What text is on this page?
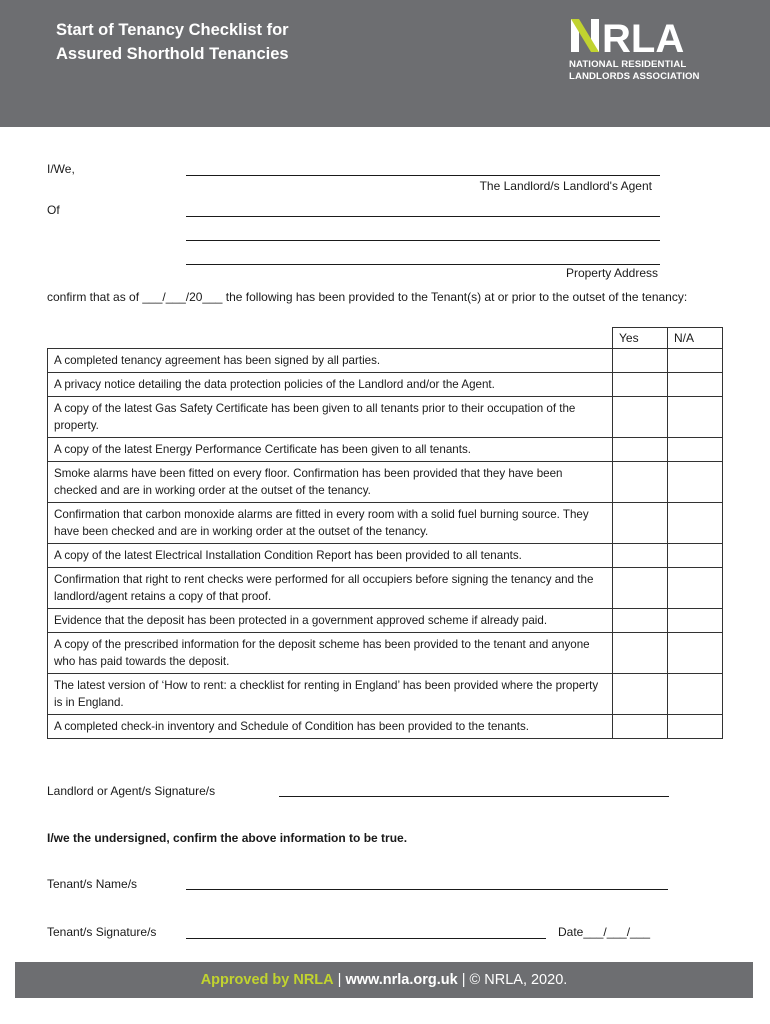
Start of Tenancy Checklist for
Assured Shorthold Tenancies	RLA
NATIONAL RESIDENTIAL
LANDLORDS ASSOCIATION
I/We,
The Landlord/s Landlord's Agent
Of
Property Address
confirm that as of ___/___/20___ the following has been provided to the Tenant(s) at or prior to the outset of the tenancy:
	Yes	N/A
A completed tenancy agreement has been signed by all parties.		
A privacy notice detailing the data protection policies of the Landlord and/or the Agent.		
A copy of the latest Gas Safety Certificate has been given to all tenants prior to their occupation of the property.		
A copy of the latest Energy Performance Certificate has been given to all tenants.		
Smoke alarms have been fitted on every floor. Confirmation has been provided that they have been checked and are in working order at the outset of the tenancy.		
Confirmation that carbon monoxide alarms are fitted in every room with a solid fuel burning source. They have been checked and are in working order at the outset of the tenancy.		
A copy of the latest Electrical Installation Condition Report has been provided to all tenants.		
Confirmation that right to rent checks were performed for all occupiers before signing the tenancy and the landlord/agent retains a copy of that proof.		
Evidence that the deposit has been protected in a government approved scheme if already paid.		
A copy of the prescribed information for the deposit scheme has been provided to the tenant and anyone who has paid towards the deposit.		
The latest version of ‘How to rent: a checklist for renting in England’ has been provided where the property is in England.		
A completed check-in inventory and Schedule of Condition has been provided to the tenants.		
Landlord or Agent/s Signature/s
I/we the undersigned, confirm the above information to be true.
Tenant/s Name/s
Tenant/s Signature/s	Date___/___/___
Approved by NRLA | www.nrla.org.uk | © NRLA, 2020.
